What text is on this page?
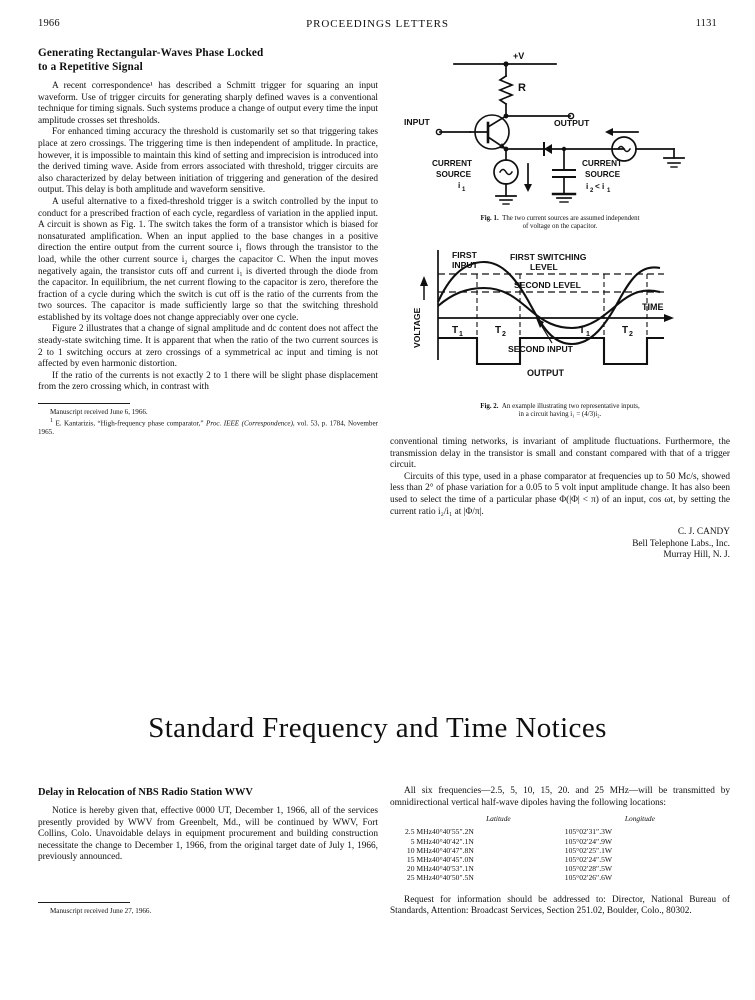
1966	PROCEEDINGS LETTERS	1131
Generating Rectangular-Waves Phase Locked
to a Repetitive Signal

A recent correspondence¹ has described a Schmitt trigger for squaring an input waveform. Use of trigger circuits for generating sharply defined waves is a conventional technique for timing signals. Such systems produce a change of output every time the input amplitude crosses set thresholds.

For enhanced timing accuracy the threshold is customarily set so that triggering takes place at zero crossings. The triggering time is then independent of amplitude. In practice, however, it is impossible to maintain this kind of setting and imprecision is introduced into the derived timing wave. Aside from errors associated with threshold, trigger circuits are also characterized by delay between initiation of triggering and generation of the desired output. This delay is both amplitude and waveform sensitive.

A useful alternative to a fixed-threshold trigger is a switch controlled by the input to conduct for a prescribed fraction of each cycle, regardless of variation in the applied input. A circuit is shown as Fig. 1. The switch takes the form of a transistor which is biased for nonsaturated amplification. When an input applied to the base changes in a positive direction the entire output from the current source i₁ flows through the transistor to the load, while the other current source i₂ charges the capacitor C. When the input moves negatively again, the transistor cuts off and current i₁ is diverted through the diode from the capacitor. In equilibrium, the net current flowing to the capacitor is zero, therefore the fraction of a cycle during which the switch is cut off is the ratio of the currents from the two sources. The capacitor is made sufficiently large so that the switching threshold established by its voltage does not change appreciably over one cycle.

Figure 2 illustrates that a change of signal amplitude and dc content does not affect the steady-state switching time. It is apparent that when the ratio of the two current sources is 2 to 1 switching occurs at zero crossings of a symmetrical ac input and timing is not affected by even harmonic distortion.

If the ratio of the currents is not exactly 2 to 1 there will be slight phase displacement from the zero crossing which, in contrast with

Manuscript received June 6, 1966.

$^1$ E. Kantarizis, “High-frequency phase comparator,” Proc. IEEE (Correspondence), vol. 53, p. 1784, November 1965.

+V
R
INPUT	OUTPUT
CURRENT
SOURCE
i 1
CURRENT
SOURCE
i 2 < i 1
Fig. 1. The two current sources are assumed independent
of voltage on the capacitor.
FIRST
INPUT
FIRST SWITCHING
LEVEL
SECOND LEVEL
SECOND INPUT
TIME
OUTPUT
VOLTAGE	T 1	T 2	T 1	T 2
Fig. 2. An example illustrating two representative inputs,
in a circuit having i₁ = (4/3)i₂.

conventional timing networks, is invariant of amplitude fluctuations. Furthermore, the transmission delay in the transistor is small and constant compared with that of a trigger circuit.

Circuits of this type, used in a phase comparator at frequencies up to 50 Mc/s, showed less than 2° of phase variation for a 0.05 to 5 volt input amplitude change. It has also been used to select the time of a particular phase Φ(|Φ| < π) of an input, cos ωt, by setting the current ratio i₂/i₁ at |Φ/π|.

C. J. CANDY
Bell Telephone Labs., Inc.
Murray Hill, N. J.
Standard Frequency and Time Notices
Delay in Relocation of NBS Radio Station WWV

Notice is hereby given that, effective 0000 UT, December 1, 1966, all of the services presently provided by WWV from Greenbelt, Md., will be continued by WWV, Fort Collins, Colo. Unavoidable delays in equipment procurement and building construction necessitate the change to December 1, 1966, from the original target date of July 1, 1966, previously announced.

Manuscript received June 27, 1966.

All six frequencies—2.5, 5, 10, 15, 20. and 25 MHz—will be transmitted by omnidirectional vertical half-wave dipoles having the following locations:

	Latitude	Longitude
2.5 MHz	40°40′55″.2N	105°02′31″.3W
5 MHz	40°40′42″.1N	105°02′24″.9W
10 MHz	40°40′47″.8N	105°02′25″.1W
15 MHz	40°40′45″.0N	105°02′24″.5W
20 MHz	40°40′53″.1N	105°02′28″.5W
25 MHz	40°40′50″.5N	105°02′26″.6W

Request for information should be addressed to: Director, National Bureau of Standards, Attention: Broadcast Services, Section 251.02, Boulder, Colo., 80302.
